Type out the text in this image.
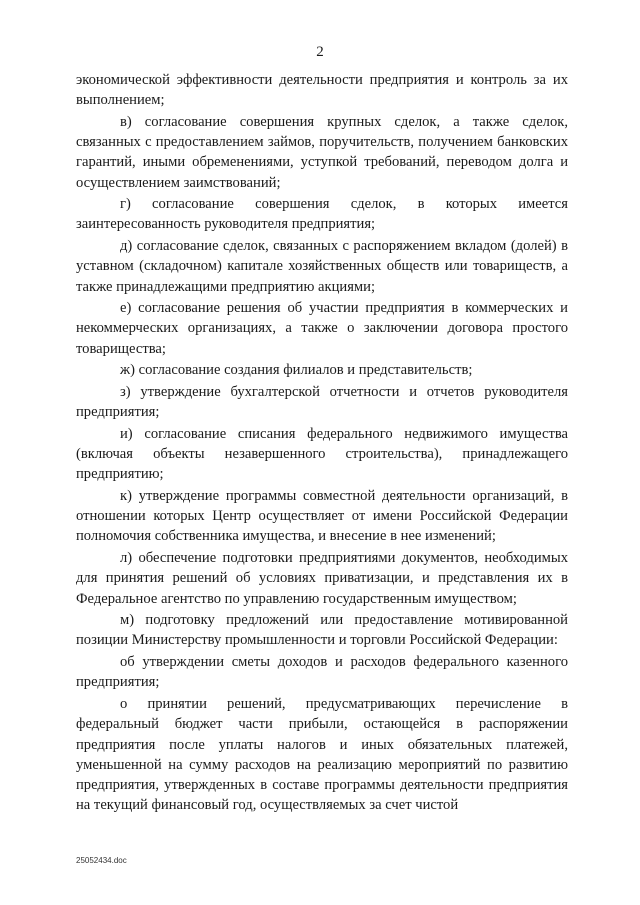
2

экономической эффективности деятельности предприятия и контроль за их выполнением;

в) согласование совершения крупных сделок, а также сделок, связанных с предоставлением займов, поручительств, получением банковских гарантий, иными обременениями, уступкой требований, переводом долга и осуществлением заимствований;

г) согласование совершения сделок, в которых имеется заинтересованность руководителя предприятия;

д) согласование сделок, связанных с распоряжением вкладом (долей) в уставном (складочном) капитале хозяйственных обществ или товариществ, а также принадлежащими предприятию акциями;

е) согласование решения об участии предприятия в коммерческих и некоммерческих организациях, а также о заключении договора простого товарищества;

ж) согласование создания филиалов и представительств;

з) утверждение бухгалтерской отчетности и отчетов руководителя предприятия;

и) согласование списания федерального недвижимого имущества (включая объекты незавершенного строительства), принадлежащего предприятию;

к) утверждение программы совместной деятельности организаций, в отношении которых Центр осуществляет от имени Российской Федерации полномочия собственника имущества, и внесение в нее изменений;

л) обеспечение подготовки предприятиями документов, необходимых для принятия решений об условиях приватизации, и представления их в Федеральное агентство по управлению государственным имуществом;

м) подготовку предложений или предоставление мотивированной позиции Министерству промышленности и торговли Российской Федерации:

об утверждении сметы доходов и расходов федерального казенного предприятия;

о принятии решений, предусматривающих перечисление в федеральный бюджет части прибыли, остающейся в распоряжении предприятия после уплаты налогов и иных обязательных платежей, уменьшенной на сумму расходов на реализацию мероприятий по развитию предприятия, утвержденных в составе программы деятельности предприятия на текущий финансовый год, осуществляемых за счет чистой

25052434.doc
